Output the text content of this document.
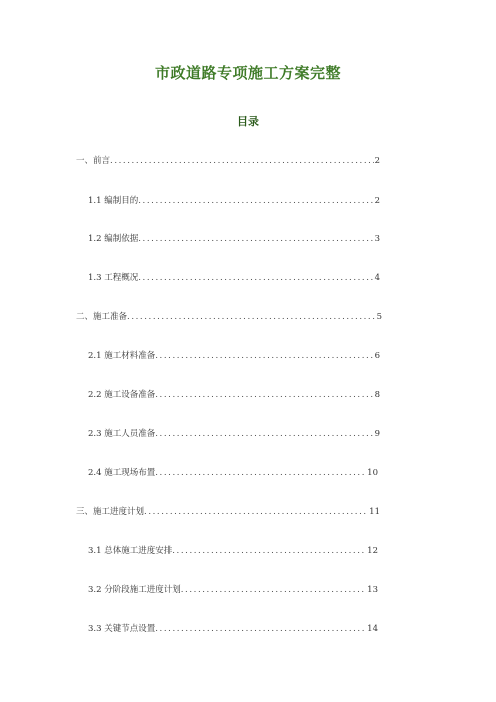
市政道路专项施工方案完整
目录
一、前言 .....	2
1.1 编制目的 .....	2
1.2 编制依据 .....	3
1.3 工程概况 .....	4
二、施工准备 .....	5
2.1 施工材料准备 .....	6
2.2 施工设备准备 .....	8
2.3 施工人员准备 .....	9
2.4 施工现场布置 .....	10
三、施工进度计划 .....	11
3.1 总体施工进度安排 .....	12
3.2 分阶段施工进度计划 .....	13
3.3 关键节点设置 .....	14
